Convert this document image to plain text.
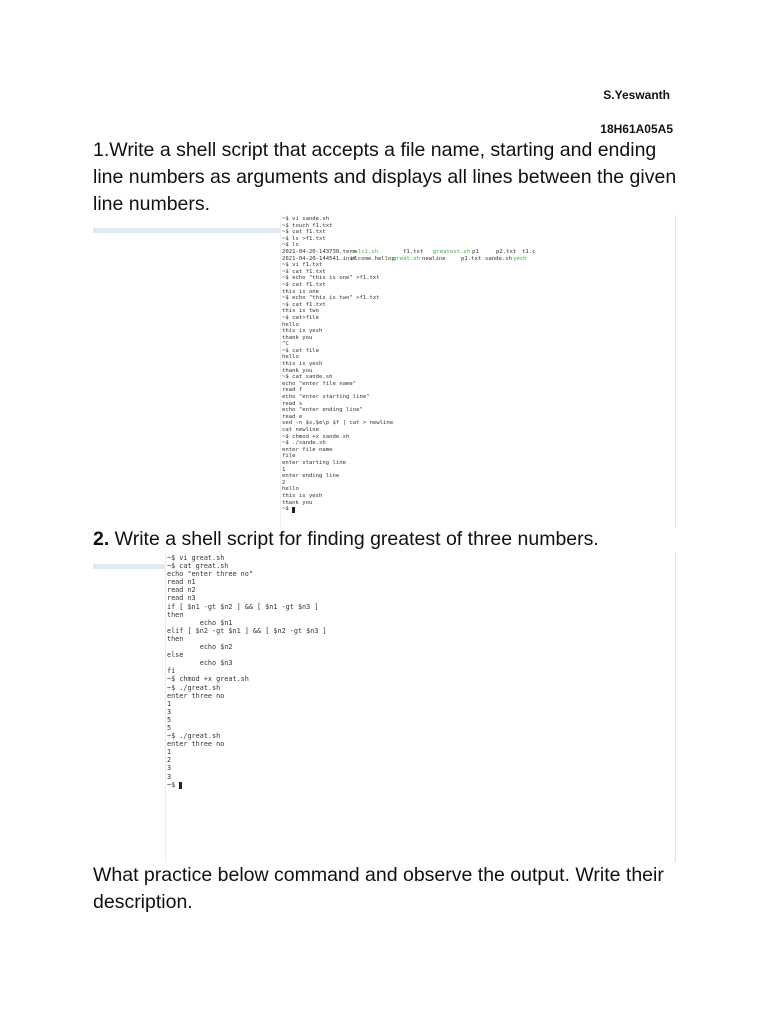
S.Yeswanth
18H61A05A5

1.Write a shell script that accepts a file name, starting and ending line numbers as arguments and displays all lines between the given line numbers.

~$ vi sande.sh
~$ touch f1.txt
~$ cat f1.txt
~$ ls >f1.txt
~$ ls
2021-04-20-143730.termcalc1.sh	f1.txt greatest.sh p1	p2.txt t1.c
2021-04-20-144541.initelcome.hellopgreat.sh newline	p1.txt sande.shyesh
~$ vi f1.txt
~$ cat f1.txt
~$ echo "this is one" >f1.txt
~$ cat f1.txt
this is one
~$ echo "this is two" >f1.txt
~$ cat f1.txt
this is two
~$ cat>file
hello
this is yesh
thank you
^C
~$ cat file
hello
this is yesh
thank you
~$ cat sande.sh
echo "enter file name"
read f
echo "enter starting line"
read s
echo "enter ending line"
read e
sed -n $s,$e\p $f | cat > newline
cat newline
~$ chmod +x sande.sh
~$ ./sande.sh
enter file name
file
enter starting line
1
enter ending line
2
hello
this is yesh
thank you
~$

2. Write a shell script for finding greatest of three numbers.

~$ vi great.sh
~$ cat great.sh
echo "enter three no"
read n1
read n2
read n3
if [ $n1 -gt $n2 ] && [ $n1 -gt $n3 ]
then
echo $n1
elif [ $n2 -gt $n1 ] && [ $n2 -gt $n3 ]
then
echo $n2
else
echo $n3
fi
~$ chmod +x great.sh
~$ ./great.sh
enter three no
1
3
5
5
~$ ./great.sh
enter three no
1
2
3
3
~$

What practice below command and observe the output. Write their description.
